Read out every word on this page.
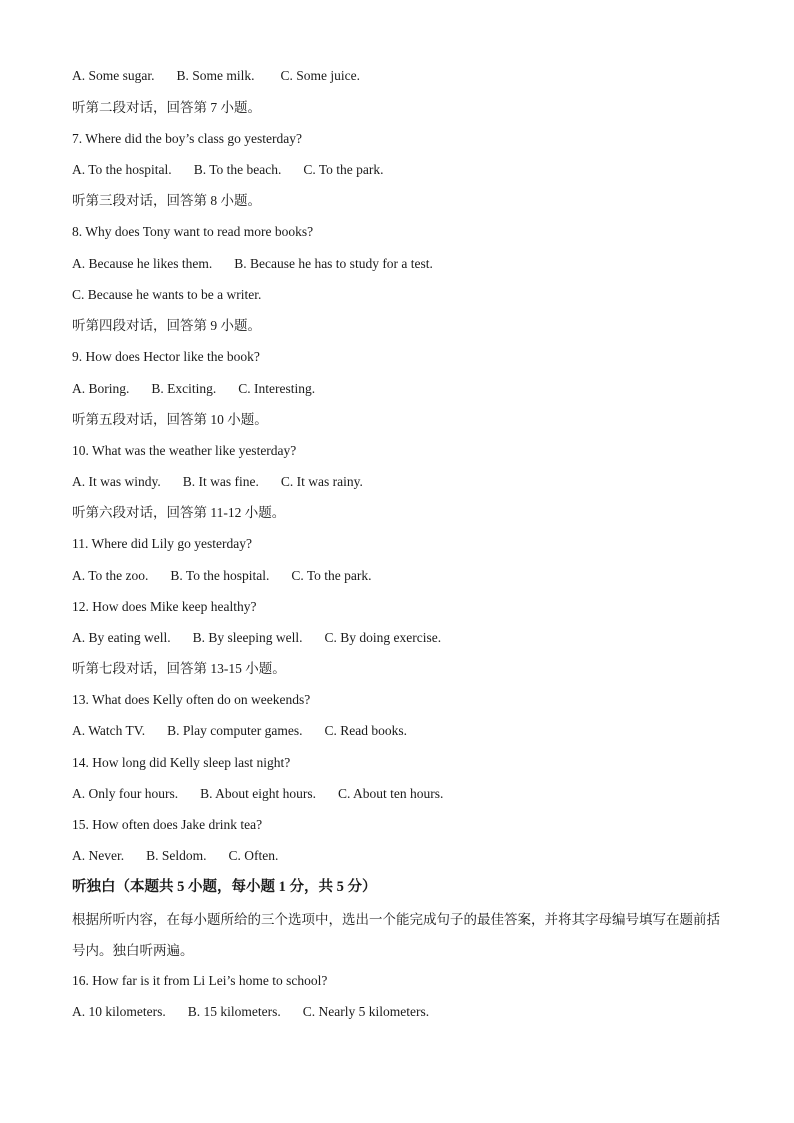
A. Some sugar. B. Some milk. C. Some juice.
听第二段对话，回答第 7 小题。
7. Where did the boy’s class go yesterday?
A. To the hospital. B. To the beach. C. To the park.
听第三段对话，回答第 8 小题。
8. Why does Tony want to read more books?
A. Because he likes them. B. Because he has to study for a test.
C. Because he wants to be a writer.
听第四段对话，回答第 9 小题。
9. How does Hector like the book?
A. Boring. B. Exciting. C. Interesting.
听第五段对话，回答第 10 小题。
10. What was the weather like yesterday?
A. It was windy. B. It was fine. C. It was rainy.
听第六段对话，回答第 11-12 小题。
11. Where did Lily go yesterday?
A. To the zoo. B. To the hospital. C. To the park.
12. How does Mike keep healthy?
A. By eating well. B. By sleeping well. C. By doing exercise.
听第七段对话，回答第 13-15 小题。
13. What does Kelly often do on weekends?
A. Watch TV. B. Play computer games. C. Read books.
14. How long did Kelly sleep last night?
A. Only four hours. B. About eight hours. C. About ten hours.
15. How often does Jake drink tea?
A. Never. B. Seldom. C. Often.
听独白（本题共 5 小题，每小题 1 分，共 5 分）
根据所听内容，在每小题所给的三个选项中，选出一个能完成句子的最佳答案，并将其字母编号填写在题前括号内。独白听两遍。
16. How far is it from Li Lei’s home to school?
A. 10 kilometers. B. 15 kilometers. C. Nearly 5 kilometers.
